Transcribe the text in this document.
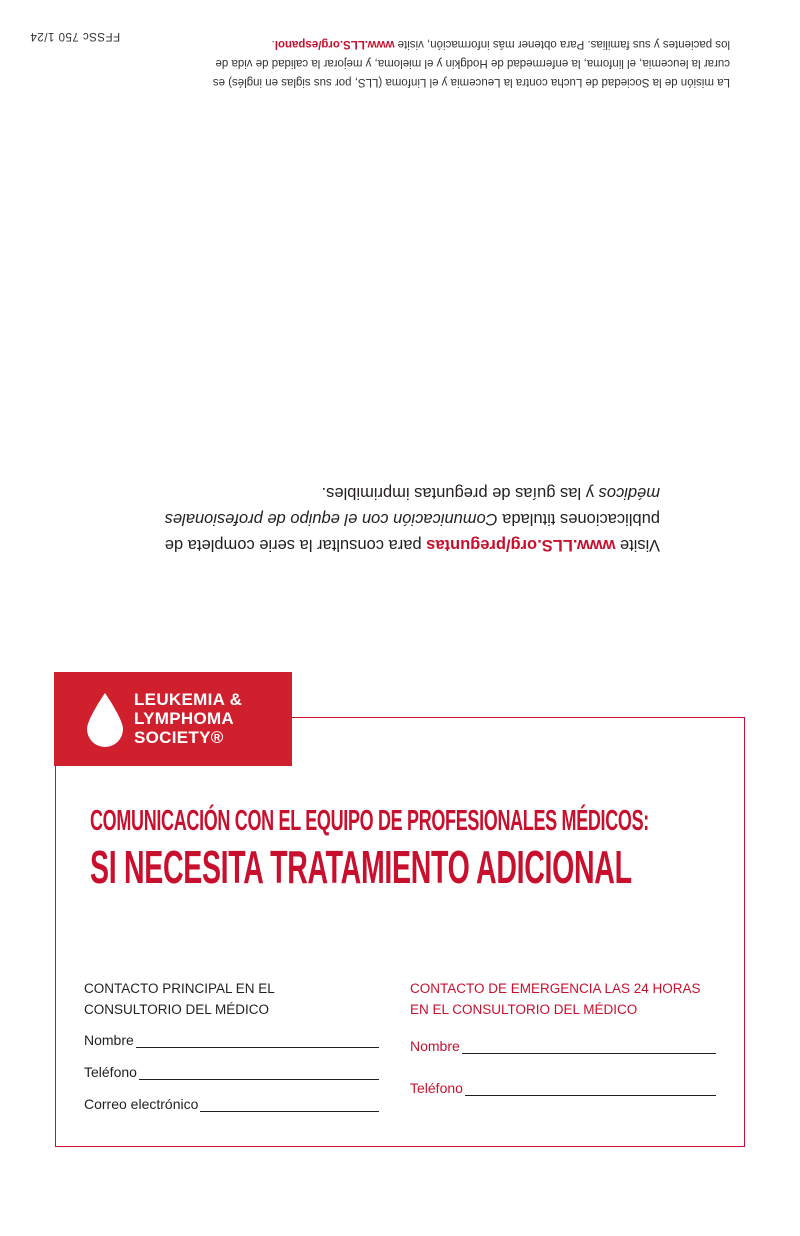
La misión de la Sociedad de Lucha contra la Leucemia y el Linfoma (LLS, por sus siglas en inglés) es
curar la leucemia, el linfoma, la enfermedad de Hodgkin y el mieloma, y mejorar la calidad de vida de
los pacientes y sus familias. Para obtener más información, visite www.LLS.org/espanol.
FFSSc 750 1/24
Visite www.LLS.org/preguntas para consultar la serie completa de publicaciones titulada Comunicación con el equipo de profesionales médicos y las guías de preguntas imprimibles.
LEUKEMIA &
LYMPHOMA
SOCIETY®
COMUNICACIÓN CON EL EQUIPO DE PROFESIONALES MÉDICOS:
SI NECESITA TRATAMIENTO ADICIONAL
CONTACTO PRINCIPAL EN EL
CONSULTORIO DEL MÉDICO
CONTACTO DE EMERGENCIA LAS 24 HORAS
EN EL CONSULTORIO DEL MÉDICO
Nombre
Teléfono
Correo electrónico
Nombre
Teléfono
